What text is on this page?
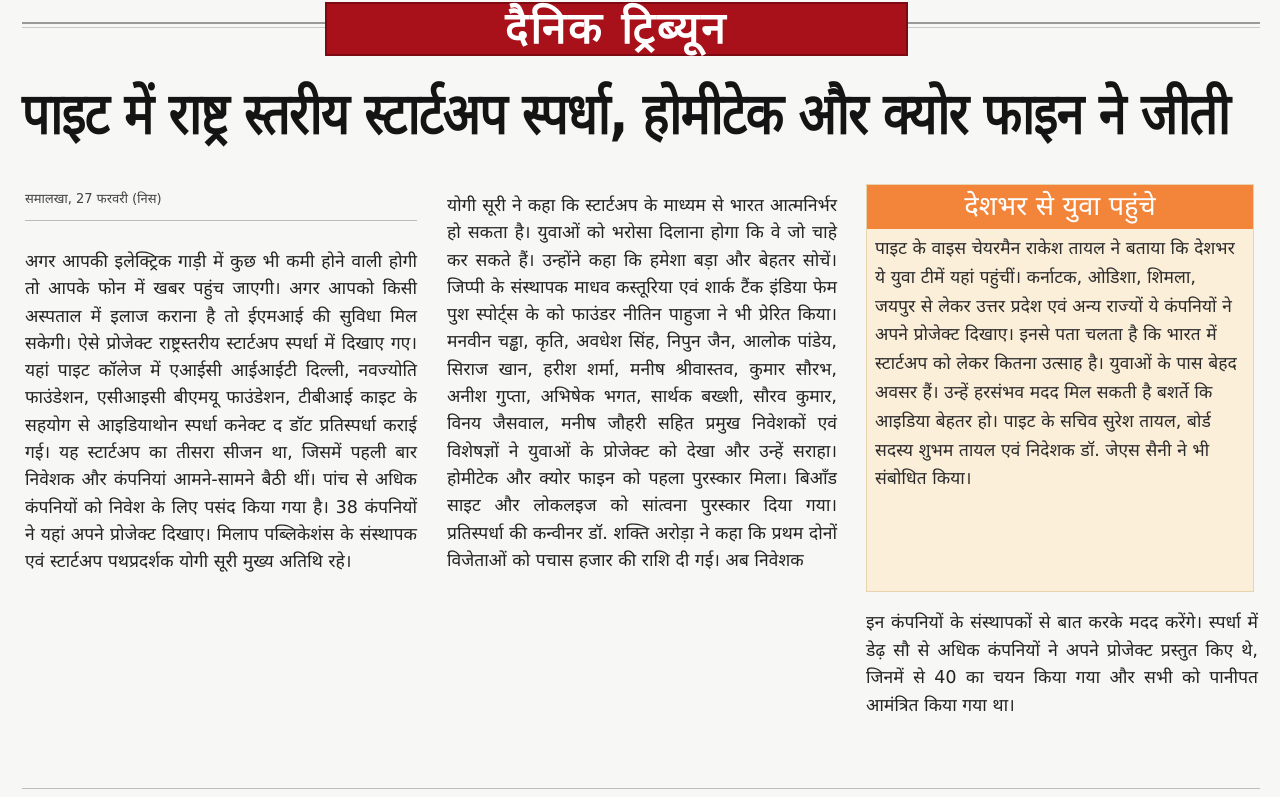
दैनिक ट्रिब्यून
पाइट में राष्ट्र स्तरीय स्टार्टअप स्पर्धा, होमीटेक और क्योर फाइन ने जीती
समालखा, 27 फरवरी (निस)
अगर आपकी इलेक्ट्रिक गाड़ी में कुछ भी कमी होने वाली होगी तो आपके फोन में खबर पहुंच जाएगी। अगर आपको किसी अस्पताल में इलाज कराना है तो ईएमआई की सुविधा मिल सकेगी। ऐसे प्रोजेक्ट राष्ट्रस्तरीय स्टार्टअप स्पर्धा में दिखाए गए। यहां पाइट कॉलेज में एआईसी आईआईटी दिल्ली, नवज्योति फाउंडेशन, एसीआइसी बीएमयू फाउंडेशन, टीबीआई काइट के सहयोग से आइडियाथोन स्पर्धा कनेक्ट द डॉट प्रतिस्पर्धा कराई गई। यह स्टार्टअप का तीसरा सीजन था, जिसमें पहली बार निवेशक और कंपनियां आमने-सामने बैठी थीं। पांच से अधिक कंपनियों को निवेश के लिए पसंद किया गया है। 38 कंपनियों ने यहां अपने प्रोजेक्ट दिखाए। मिलाप पब्लिकेशंस के संस्थापक एवं स्टार्टअप पथप्रदर्शक योगी सूरी मुख्य अतिथि रहे।
योगी सूरी ने कहा कि स्टार्टअप के माध्यम से भारत आत्मनिर्भर हो सकता है। युवाओं को भरोसा दिलाना होगा कि वे जो चाहे कर सकते हैं। उन्होंने कहा कि हमेशा बड़ा और बेहतर सोचें। जिप्पी के संस्थापक माधव कस्तूरिया एवं शार्क टैंक इंडिया फेम पुश स्पोर्ट्स के को फाउंडर नीतिन पाहुजा ने भी प्रेरित किया। मनवीन चड्ढा, कृति, अवधेश सिंह, निपुन जैन, आलोक पांडेय, सिराज खान, हरीश शर्मा, मनीष श्रीवास्तव, कुमार सौरभ, अनीश गुप्ता, अभिषेक भगत, सार्थक बख्शी, सौरव कुमार, विनय जैसवाल, मनीष जौहरी सहित प्रमुख निवेशकों एवं विशेषज्ञों ने युवाओं के प्रोजेक्ट को देखा और उन्हें सराहा। होमीटेक और क्योर फाइन को पहला पुरस्कार मिला। बिऑंड साइट और लोकलइज को सांत्वना पुरस्कार दिया गया। प्रतिस्पर्धा की कन्वीनर डॉ. शक्ति अरोड़ा ने कहा कि प्रथम दोनों विजेताओं को पचास हजार की राशि दी गई। अब निवेशक
देशभर से युवा पहुंचे
पाइट के वाइस चेयरमैन राकेश तायल ने बताया कि देशभर ये युवा टीमें यहां पहुंचीं। कर्नाटक, ओडिशा, शिमला, जयपुर से लेकर उत्तर प्रदेश एवं अन्य राज्यों ये कंपनियों ने अपने प्रोजेक्ट दिखाए। इनसे पता चलता है कि भारत में स्टार्टअप को लेकर कितना उत्साह है। युवाओं के पास बेहद अवसर हैं। उन्हें हरसंभव मदद मिल सकती है बशर्ते कि आइडिया बेहतर हो। पाइट के सचिव सुरेश तायल, बोर्ड सदस्य शुभम तायल एवं निदेशक डॉ. जेएस सैनी ने भी संबोधित किया।
इन कंपनियों के संस्थापकों से बात करके मदद करेंगे। स्पर्धा में डेढ़ सौ से अधिक कंपनियों ने अपने प्रोजेक्ट प्रस्तुत किए थे, जिनमें से 40 का चयन किया गया और सभी को पानीपत आमंत्रित किया गया था।
